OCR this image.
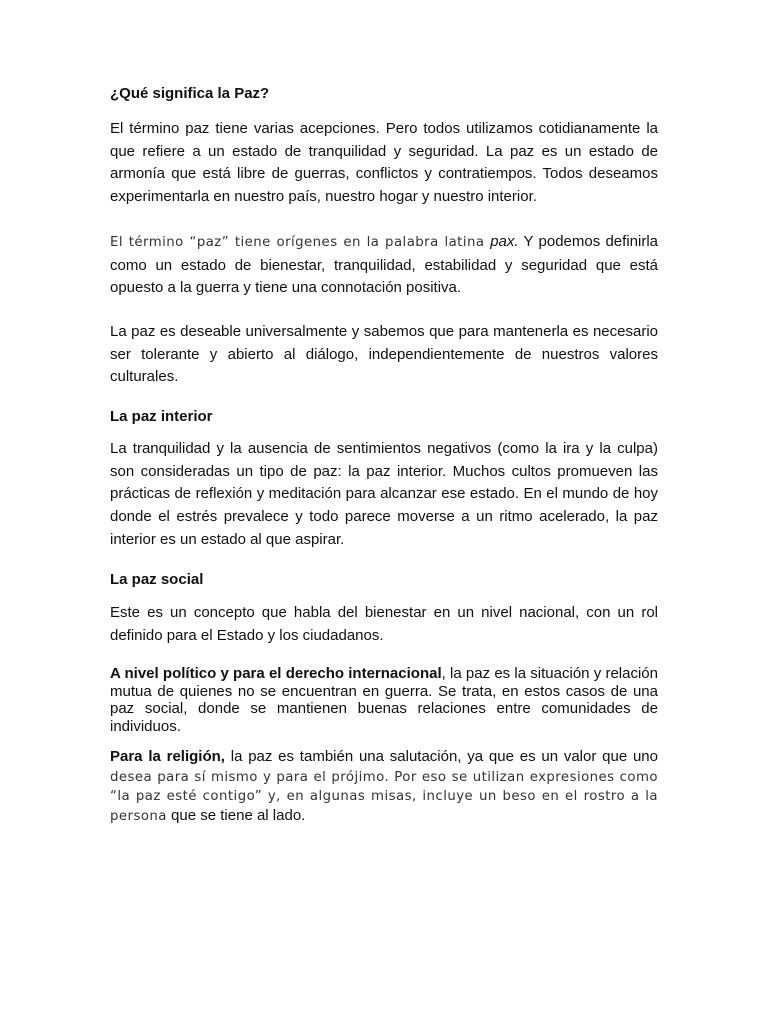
¿Qué significa la Paz?

El término paz tiene varias acepciones. Pero todos utilizamos cotidianamente la que refiere a un estado de tranquilidad y seguridad. La paz es un estado de armonía que está libre de guerras, conflictos y contratiempos. Todos deseamos experimentarla en nuestro país, nuestro hogar y nuestro interior.

El término “paz” tiene orígenes en la palabra latina pax. Y podemos definirla como un estado de bienestar, tranquilidad, estabilidad y seguridad que está opuesto a la guerra y tiene una connotación positiva.

La paz es deseable universalmente y sabemos que para mantenerla es necesario ser tolerante y abierto al diálogo, independientemente de nuestros valores culturales.

La paz interior

La tranquilidad y la ausencia de sentimientos negativos (como la ira y la culpa) son consideradas un tipo de paz: la paz interior. Muchos cultos promueven las prácticas de reflexión y meditación para alcanzar ese estado. En el mundo de hoy donde el estrés prevalece y todo parece moverse a un ritmo acelerado, la paz interior es un estado al que aspirar.

La paz social

Este es un concepto que habla del bienestar en un nivel nacional, con un rol definido para el Estado y los ciudadanos.

A nivel político y para el derecho internacional, la paz es la situación y relación mutua de quienes no se encuentran en guerra. Se trata, en estos casos de una paz social, donde se mantienen buenas relaciones entre comunidades de individuos.

Para la religión, la paz es también una salutación, ya que es un valor que uno desea para sí mismo y para el prójimo. Por eso se utilizan expresiones como “la paz esté contigo” y, en algunas misas, incluye un beso en el rostro a la persona que se tiene al lado.
